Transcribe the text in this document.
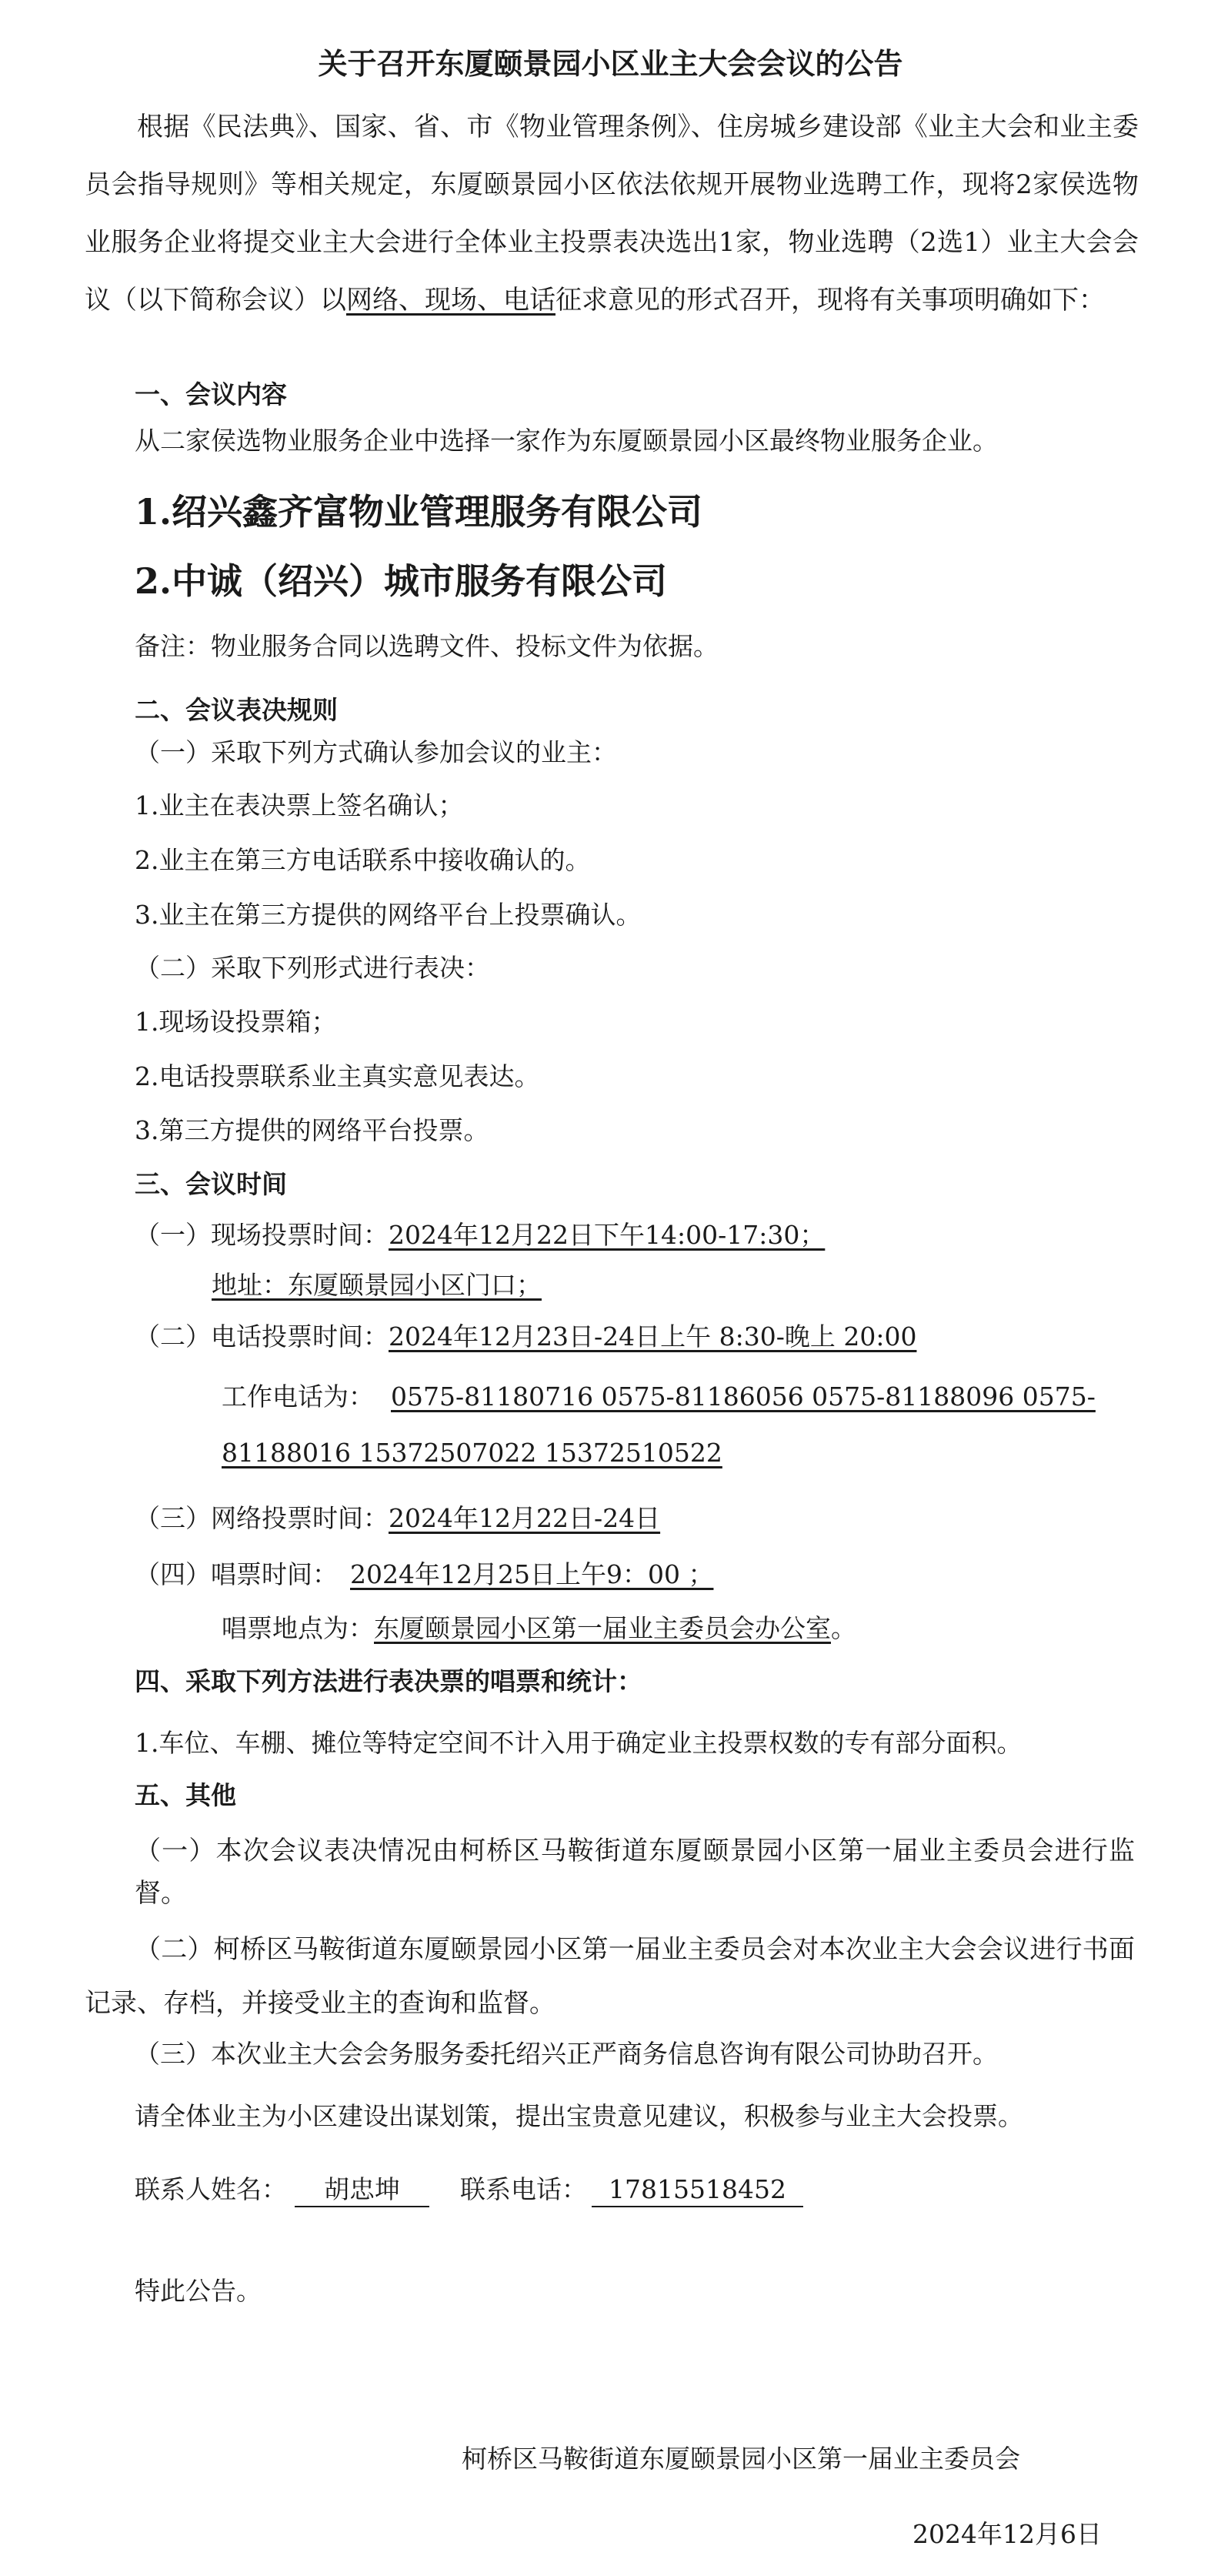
关于召开东厦颐景园小区业主大会会议的公告
根据《民法典》、国家、省、市《物业管理条例》、住房城乡建设部《业主大会和业主委员会指导规则》等相关规定，东厦颐景园小区依法依规开展物业选聘工作，现将2家侯选物业服务企业将提交业主大会进行全体业主投票表决选出1家，物业选聘（2选1）业主大会会议（以下简称会议）以网络、现场、电话征求意见的形式召开，现将有关事项明确如下：
一、会议内容
从二家侯选物业服务企业中选择一家作为东厦颐景园小区最终物业服务企业。
1.绍兴鑫齐富物业管理服务有限公司
2.中诚（绍兴）城市服务有限公司
备注：物业服务合同以选聘文件、投标文件为依据。
二、会议表决规则
（一）采取下列方式确认参加会议的业主：
1.业主在表决票上签名确认；
2.业主在第三方电话联系中接收确认的。
3.业主在第三方提供的网络平台上投票确认。
（二）采取下列形式进行表决：
1.现场设投票箱；
2.电话投票联系业主真实意见表达。
3.第三方提供的网络平台投票。
三、会议时间
（一）现场投票时间：2024年12月22日下午14:00-17:30；
地址：东厦颐景园小区门口；
（二）电话投票时间：2024年12月23日-24日上午 8:30-晚上 20:00
工作电话为： 0575-81180716 0575-81186056 0575-81188096 0575-
81188016 15372507022 15372510522
（三）网络投票时间：2024年12月22日-24日
（四）唱票时间： 2024年12月25日上午9：00 ；
唱票地点为：东厦颐景园小区第一届业主委员会办公室。
四、采取下列方法进行表决票的唱票和统计：
1.车位、车棚、摊位等特定空间不计入用于确定业主投票权数的专有部分面积。
五、其他
（一）本次会议表决情况由柯桥区马鞍街道东厦颐景园小区第一届业主委员会进行监督。
（二）柯桥区马鞍街道东厦颐景园小区第一届业主委员会对本次业主大会会议进行书面记录、存档，并接受业主的查询和监督。
（三）本次业主大会会务服务委托绍兴正严商务信息咨询有限公司协助召开。
请全体业主为小区建设出谋划策，提出宝贵意见建议，积极参与业主大会投票。
联系人姓名： 胡忠坤 联系电话： 17815518452
特此公告。
柯桥区马鞍街道东厦颐景园小区第一届业主委员会
2024年12月6日
